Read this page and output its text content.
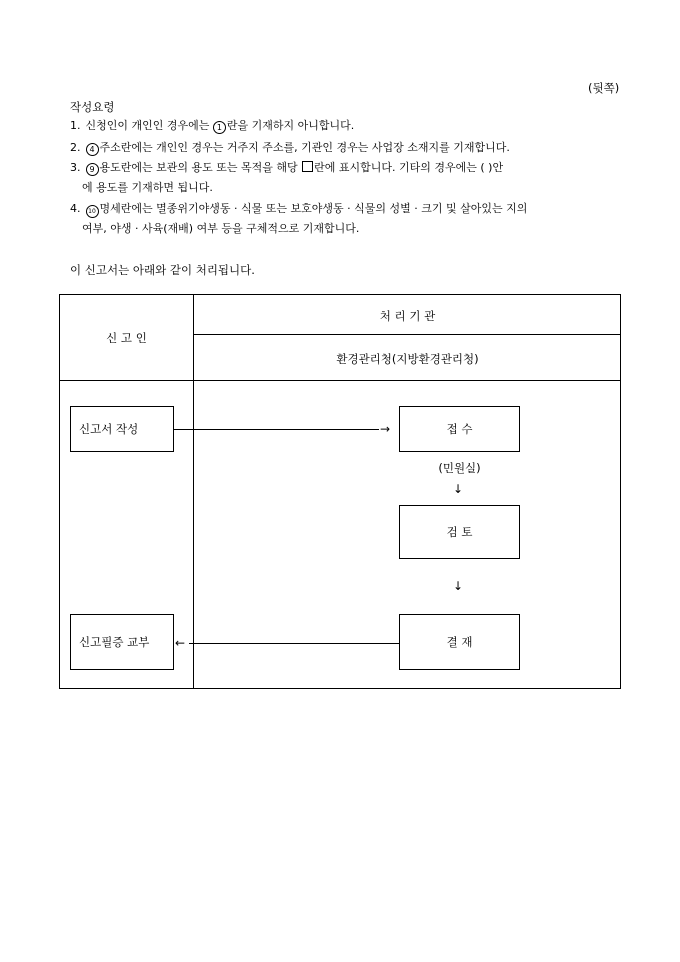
(뒷쪽)
작성요령
1. 신청인이 개인인 경우에는 1 란을 기재하지 아니합니다.
2. 4 주소란에는 개인인 경우는 거주지 주소를, 기관인 경우는 사업장 소재지를 기재합니다.
3. 9 용도란에는 보관의 용도 또는 목적을 해당 란에 표시합니다. 기타의 경우에는 ( )안
에 용도를 기재하면 됩니다.
4. 10 명세란에는 멸종위기야생동 · 식물 또는 보호야생동 · 식물의 성별 · 크기 및 살아있는 지의
여부, 야생 · 사육(재배) 여부 등을 구체적으로 기재합니다.
이 신고서는 아래와 같이 처리됩니다.
신 고 인
처 리 기 관
환경관리청(지방환경관리청)
신고서 작성
신고필증 교부
접 수
(민원실)
↓
검 토
↓
결 재
→
←
